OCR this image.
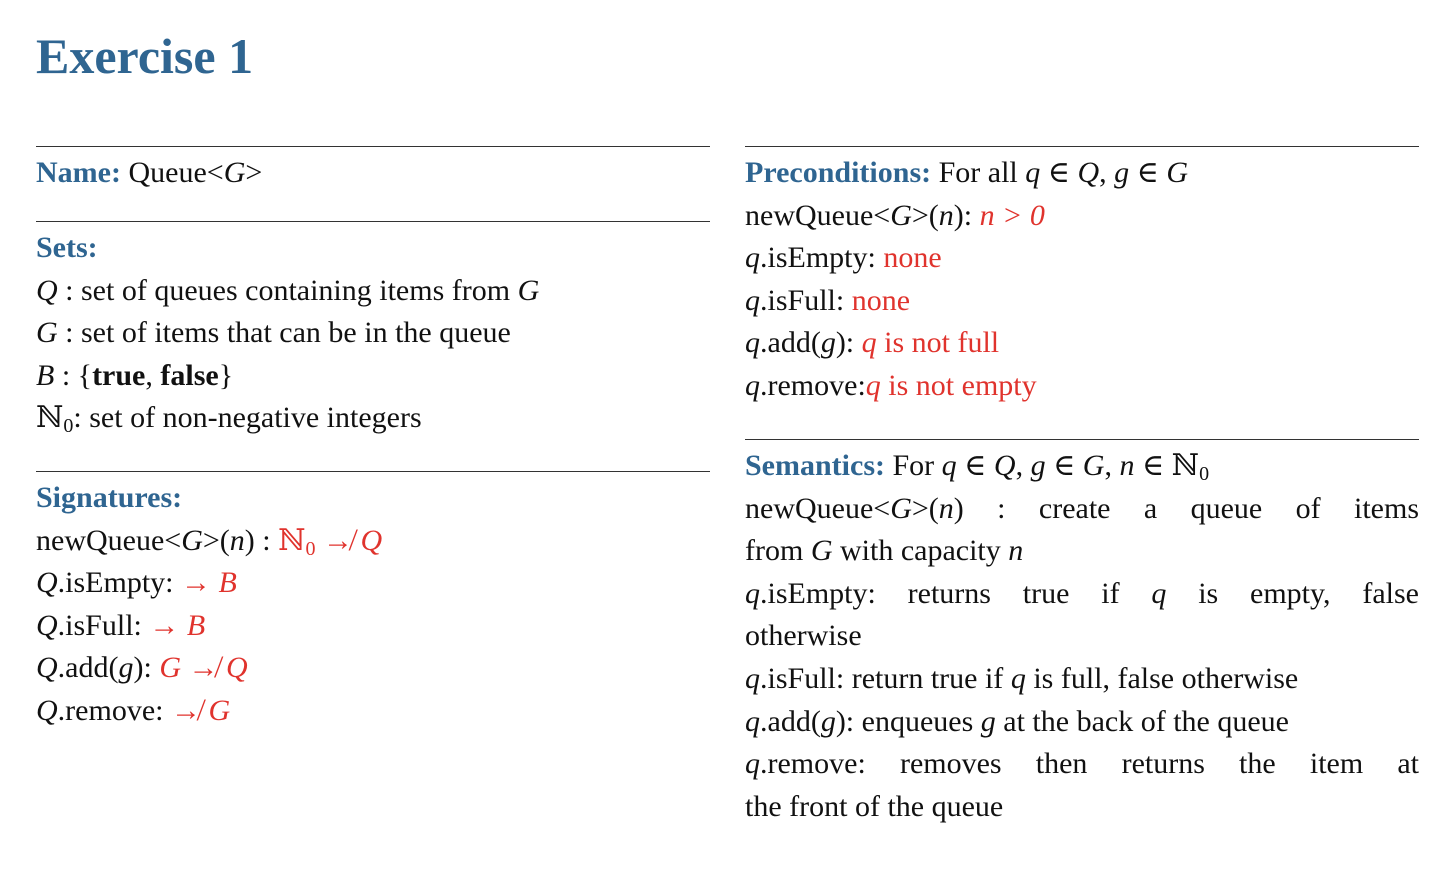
Exercise 1
Name: Queue<G>
Sets:
Q : set of queues containing items from G
G : set of items that can be in the queue
B : {true, false}
ℕ$_0$: set of non-negative integers
Signatures:
newQueue<G>(n) : ℕ$_0$ ↛ Q
Q.isEmpty: → B
Q.isFull: → B
Q.add(g): G ↛ Q
Q.remove: ↛ G
Preconditions: For all q ∈ Q, g ∈ G
newQueue<G>(n): n > 0
q.isEmpty: none
q.isFull: none
q.add(g): q is not full
q.remove:q is not empty
Semantics: For q ∈ Q, g ∈ G, n ∈ ℕ$_0$
newQueue<G>(n) : create a queue of items
from G with capacity n
q.isEmpty: returns true if q is empty, false
otherwise
q.isFull: return true if q is full, false otherwise
q.add(g): enqueues g at the back of the queue
q.remove: removes then returns the item at
the front of the queue
